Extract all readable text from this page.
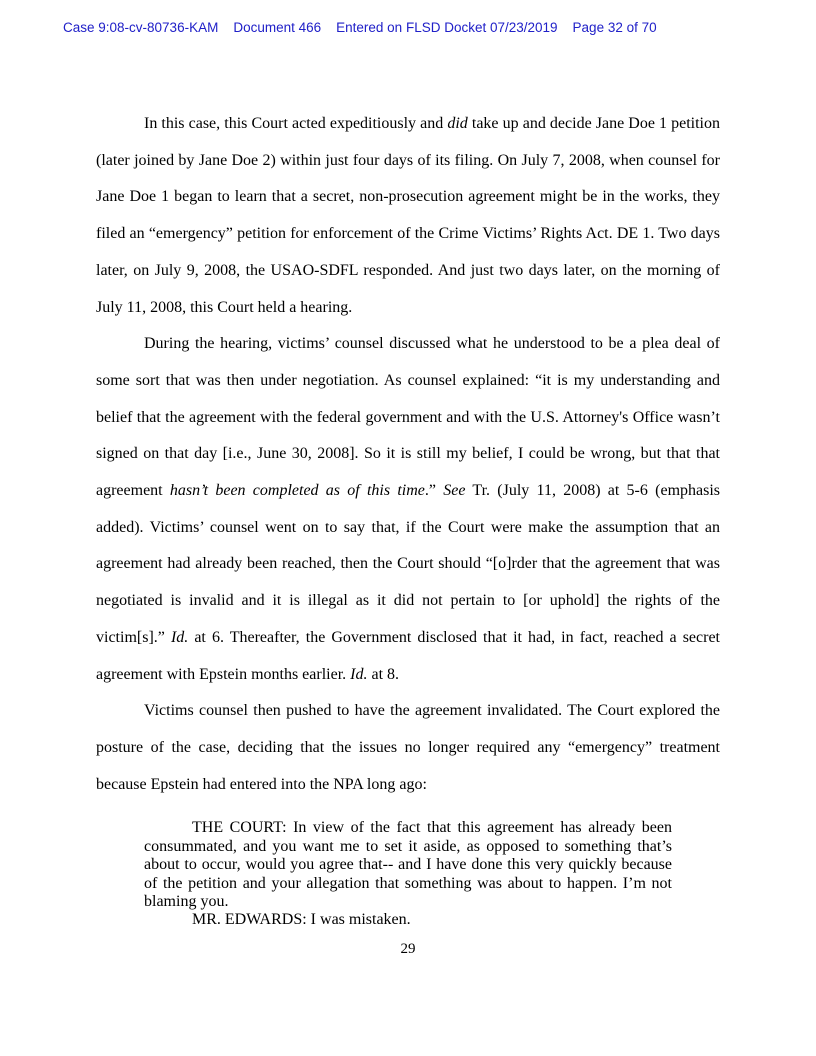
Case 9:08-cv-80736-KAM Document 466 Entered on FLSD Docket 07/23/2019 Page 32 of 70

In this case, this Court acted expeditiously and did take up and decide Jane Doe 1 petition (later joined by Jane Doe 2) within just four days of its filing. On July 7, 2008, when counsel for Jane Doe 1 began to learn that a secret, non-prosecution agreement might be in the works, they filed an “emergency” petition for enforcement of the Crime Victims’ Rights Act. DE 1. Two days later, on July 9, 2008, the USAO-SDFL responded. And just two days later, on the morning of July 11, 2008, this Court held a hearing.

During the hearing, victims’ counsel discussed what he understood to be a plea deal of some sort that was then under negotiation. As counsel explained: “it is my understanding and belief that the agreement with the federal government and with the U.S. Attorney's Office wasn’t signed on that day [i.e., June 30, 2008]. So it is still my belief, I could be wrong, but that that agreement hasn’t been completed as of this time.” See Tr. (July 11, 2008) at 5-6 (emphasis added). Victims’ counsel went on to say that, if the Court were make the assumption that an agreement had already been reached, then the Court should “[o]rder that the agreement that was negotiated is invalid and it is illegal as it did not pertain to [or uphold] the rights of the victim[s].” Id. at 6. Thereafter, the Government disclosed that it had, in fact, reached a secret agreement with Epstein months earlier. Id. at 8.

Victims counsel then pushed to have the agreement invalidated. The Court explored the posture of the case, deciding that the issues no longer required any “emergency” treatment because Epstein had entered into the NPA long ago:

THE COURT: In view of the fact that this agreement has already been consummated, and you want me to set it aside, as opposed to something that’s about to occur, would you agree that-- and I have done this very quickly because of the petition and your allegation that something was about to happen. I’m not blaming you.

MR. EDWARDS: I was mistaken.

29
